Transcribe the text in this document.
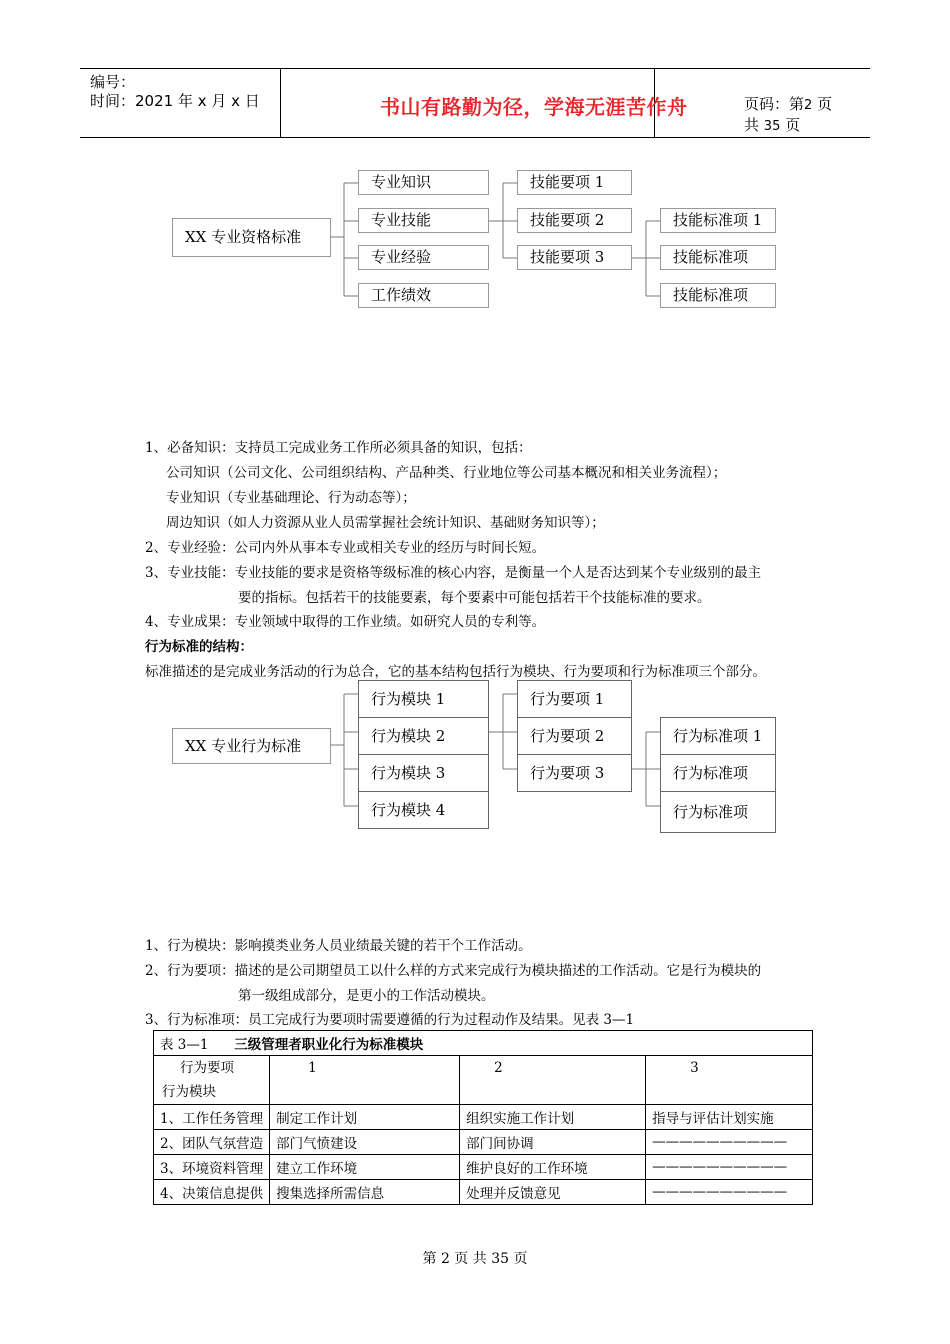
编号：
时间：2021 年 x 月 x 日	书山有路勤为径，学海无涯苦作舟	页码：第2 页 共 35 页
XX 专业资格标准
专业知识
专业技能
专业经验
工作绩效
技能要项 1
技能要项 2
技能要项 3
技能标准项 1
技能标准项
技能标准项
1、必备知识：支持员工完成业务工作所必须具备的知识，包括：
公司知识（公司文化、公司组织结构、产品种类、行业地位等公司基本概况和相关业务流程）；
专业知识（专业基础理论、行为动态等）；
周边知识（如人力资源从业人员需掌握社会统计知识、基础财务知识等）；
2、专业经验：公司内外从事本专业或相关专业的经历与时间长短。
3、专业技能：专业技能的要求是资格等级标准的核心内容，是衡量一个人是否达到某个专业级别的最主
要的指标。包括若干的技能要素，每个要素中可能包括若干个技能标准的要求。
4、专业成果：专业领域中取得的工作业绩。如研究人员的专利等。
行为标准的结构：
标准描述的是完成业务活动的行为总合，它的基本结构包括行为模块、行为要项和行为标准项三个部分。
XX 专业行为标准
行为模块 1
行为模块 2
行为模块 3
行为模块 4
行为要项 1
行为要项 2
行为要项 3
行为标准项 1
行为标准项
行为标准项
1、行为模块：影响摸类业务人员业绩最关键的若干个工作活动。
2、行为要项：描述的是公司期望员工以什么样的方式来完成行为模块描述的工作活动。它是行为模块的
第一级组成部分，是更小的工作活动模块。
3、行为标准项：员工完成行为要项时需要遵循的行为过程动作及结果。见表 3—1
表 3—1 三级管理者职业化行为标准模块			

行为要项
行为模块	1	2	3
1、工作任务管理	制定工作计划	组织实施工作计划	指导与评估计划实施
2、团队气氛营造	部门气愤建设	部门间协调	——————————
3、环境资料管理	建立工作环境	维护良好的工作环境	——————————
4、决策信息提供	搜集选择所需信息	处理并反馈意见	——————————
第 2 页 共 35 页
